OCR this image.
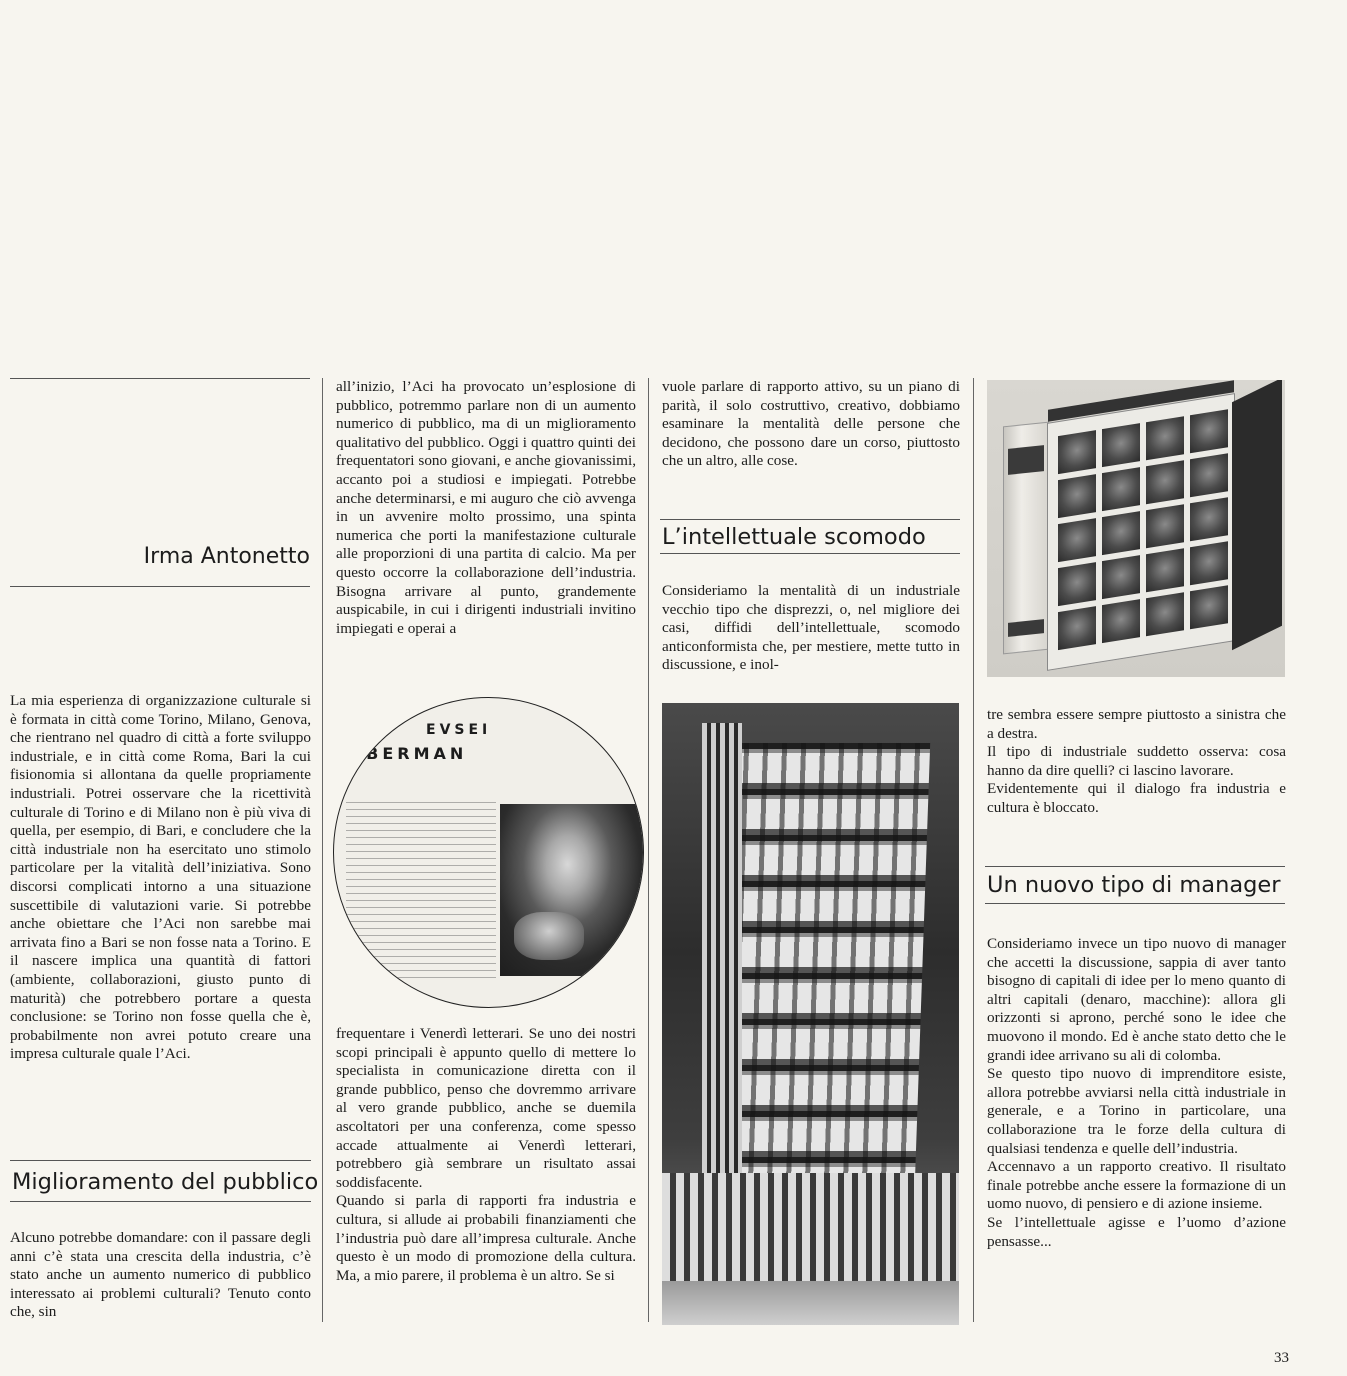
Irma Antonetto

La mia esperienza di organizzazione culturale si è formata in città come Torino, Milano, Genova, che rientrano nel quadro di città a forte sviluppo industriale, e in città come Roma, Bari la cui fisionomia si allontana da quelle propriamente industriali. Potrei osservare che la ricettività culturale di Torino e di Milano non è più viva di quella, per esempio, di Bari, e concludere che la città industriale non ha esercitato uno stimolo particolare per la vitalità dell’iniziativa. Sono discorsi complicati intorno a una situazione suscettibile di valutazioni varie. Si potrebbe anche obiettare che l’Aci non sarebbe mai arrivata fino a Bari se non fosse nata a Torino. E il nascere implica una quantità di fattori (ambiente, collaborazioni, giusto punto di maturità) che potrebbero portare a questa conclusione: se Torino non fosse quella che è, probabilmente non avrei potuto creare una impresa culturale quale l’Aci.

Miglioramento del pubblico

Alcuno potrebbe domandare: con il passare degli anni c’è stata una crescita della industria, c’è stato anche un aumento numerico di pubblico interessato ai problemi culturali? Tenuto conto che, sin

all’inizio, l’Aci ha provocato un’esplosione di pubblico, potremmo parlare non di un aumento numerico di pubblico, ma di un miglioramento qualitativo del pubblico. Oggi i quattro quinti dei frequentatori sono giovani, e anche giovanissimi, accanto poi a studiosi e impiegati. Potrebbe anche determinarsi, e mi auguro che ciò avvenga in un avvenire molto prossimo, una spinta numerica che porti la manifestazione culturale alle proporzioni di una partita di calcio. Ma per questo occorre la collaborazione dell’industria. Bisogna arrivare al punto, grandemente auspicabile, in cui i dirigenti industriali invitino impiegati e operai a

EVSEI
LIBERMAN

frequentare i Venerdì letterari. Se uno dei nostri scopi principali è appunto quello di mettere lo specialista in comunicazione diretta con il grande pubblico, penso che dovremmo arrivare al vero grande pubblico, anche se duemila ascoltatori per una conferenza, come spesso accade attualmente ai Venerdì letterari, potrebbero già sembrare un risultato assai soddisfacente.

Quando si parla di rapporti fra industria e cultura, si allude ai probabili finanziamenti che l’industria può dare all’impresa culturale. Anche questo è un modo di promozione della cultura. Ma, a mio parere, il problema è un altro. Se si

vuole parlare di rapporto attivo, su un piano di parità, il solo costruttivo, creativo, dobbiamo esaminare la mentalità delle persone che decidono, che possono dare un corso, piuttosto che un altro, alle cose.

L’intellettuale scomodo

Consideriamo la mentalità di un industriale vecchio tipo che disprezzi, o, nel migliore dei casi, diffidi dell’intellettuale, scomodo anticonformista che, per mestiere, mette tutto in discussione, e inol-

tre sembra essere sempre piuttosto a sinistra che a destra.

Il tipo di industriale suddetto osserva: cosa hanno da dire quelli? ci lascino lavorare.

Evidentemente qui il dialogo fra industria e cultura è bloccato.

Un nuovo tipo di manager

Consideriamo invece un tipo nuovo di manager che accetti la discussione, sappia di aver tanto bisogno di capitali di idee per lo meno quanto di altri capitali (denaro, macchine): allora gli orizzonti si aprono, perché sono le idee che muovono il mondo. Ed è anche stato detto che le grandi idee arrivano su ali di colomba.

Se questo tipo nuovo di imprenditore esiste, allora potrebbe avviarsi nella città industriale in generale, e a Torino in particolare, una collaborazione tra le forze della cultura di qualsiasi tendenza e quelle dell’industria.

Accennavo a un rapporto creativo. Il risultato finale potrebbe anche essere la formazione di un uomo nuovo, di pensiero e di azione insieme.

Se l’intellettuale agisse e l’uomo d’azione pensasse...

33
